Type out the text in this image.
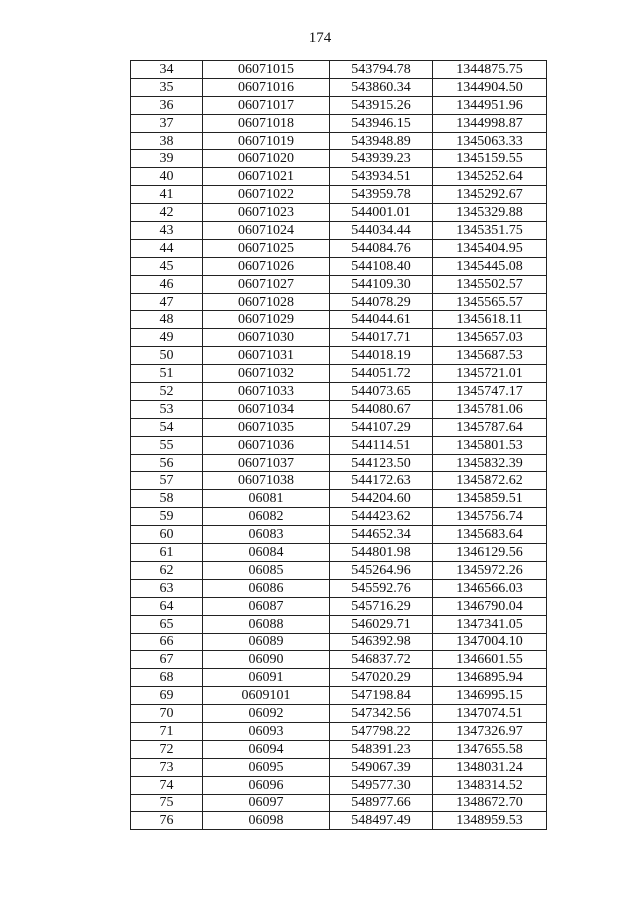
174
34	06071015	543794.78	1344875.75
35	06071016	543860.34	1344904.50
36	06071017	543915.26	1344951.96
37	06071018	543946.15	1344998.87
38	06071019	543948.89	1345063.33
39	06071020	543939.23	1345159.55
40	06071021	543934.51	1345252.64
41	06071022	543959.78	1345292.67
42	06071023	544001.01	1345329.88
43	06071024	544034.44	1345351.75
44	06071025	544084.76	1345404.95
45	06071026	544108.40	1345445.08
46	06071027	544109.30	1345502.57
47	06071028	544078.29	1345565.57
48	06071029	544044.61	1345618.11
49	06071030	544017.71	1345657.03
50	06071031	544018.19	1345687.53
51	06071032	544051.72	1345721.01
52	06071033	544073.65	1345747.17
53	06071034	544080.67	1345781.06
54	06071035	544107.29	1345787.64
55	06071036	544114.51	1345801.53
56	06071037	544123.50	1345832.39
57	06071038	544172.63	1345872.62
58	06081	544204.60	1345859.51
59	06082	544423.62	1345756.74
60	06083	544652.34	1345683.64
61	06084	544801.98	1346129.56
62	06085	545264.96	1345972.26
63	06086	545592.76	1346566.03
64	06087	545716.29	1346790.04
65	06088	546029.71	1347341.05
66	06089	546392.98	1347004.10
67	06090	546837.72	1346601.55
68	06091	547020.29	1346895.94
69	0609101	547198.84	1346995.15
70	06092	547342.56	1347074.51
71	06093	547798.22	1347326.97
72	06094	548391.23	1347655.58
73	06095	549067.39	1348031.24
74	06096	549577.30	1348314.52
75	06097	548977.66	1348672.70
76	06098	548497.49	1348959.53
